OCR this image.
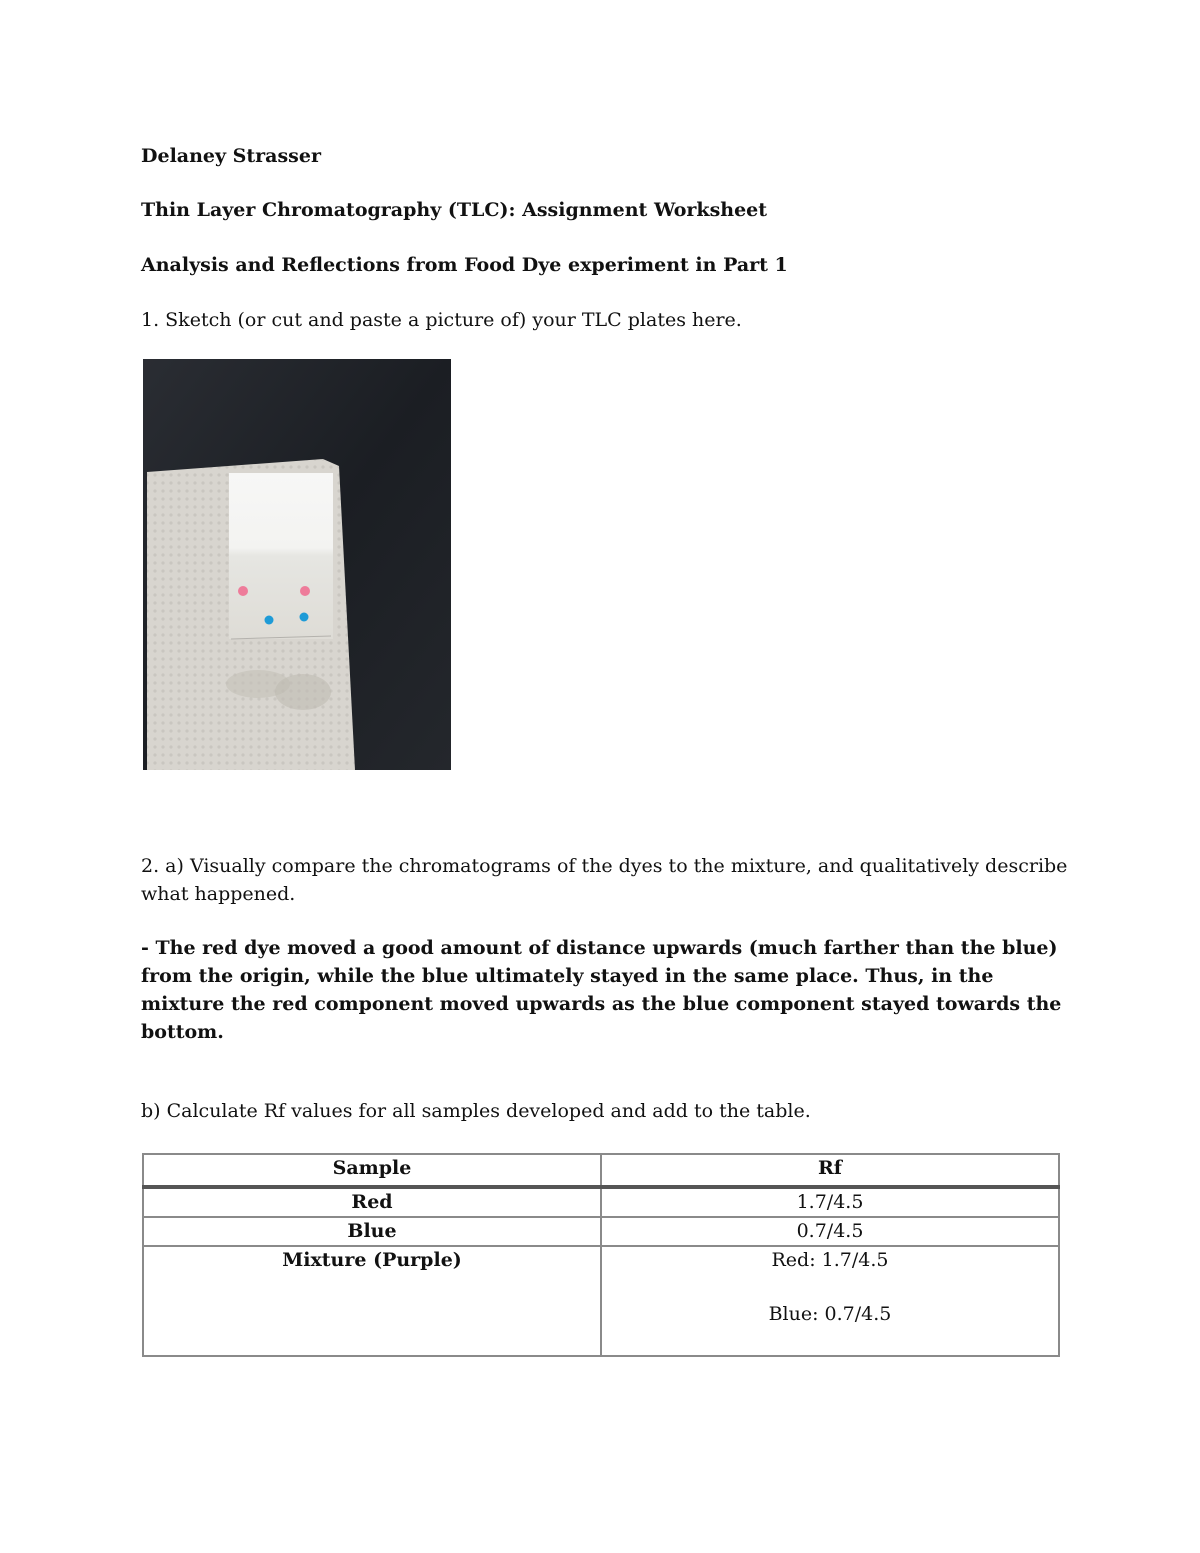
Delaney Strasser
Thin Layer Chromatography (TLC): Assignment Worksheet
Analysis and Reflections from Food Dye experiment in Part 1
1. Sketch (or cut and paste a picture of) your TLC plates here.
2. a) Visually compare the chromatograms of the dyes to the mixture, and qualitatively describe
what happened.
- The red dye moved a good amount of distance upwards (much farther than the blue) from the origin, while the blue ultimately stayed in the same place. Thus, in the mixture the red component moved upwards as the blue component stayed towards the bottom.
b) Calculate Rf values for all samples developed and add to the table.
Sample	Rf
Red	1.7/4.5
Blue	0.7/4.5
Mixture (Purple)	Red: 1.7/4.5
Blue: 0.7/4.5
